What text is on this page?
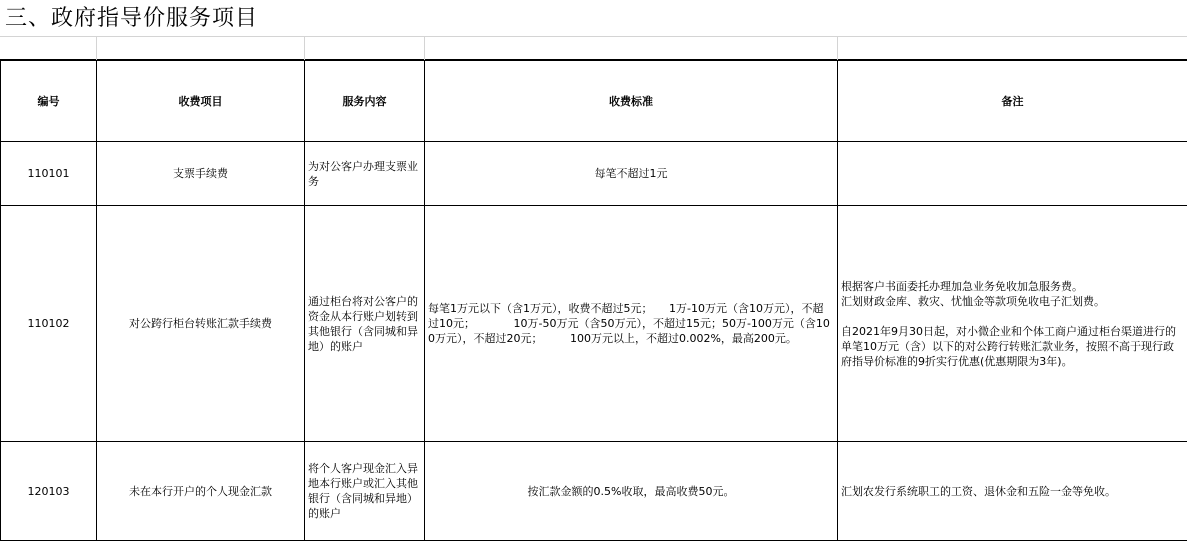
三、政府指导价服务项目
编号	收费项目	服务内容	收费标准	备注
110101	支票手续费	为对公客户办理支票业务	每笔不超过1元	
110102	对公跨行柜台转账汇款手续费	通过柜台将对公客户的资金从本行账户划转到其他银行（含同城和异地）的账户	每笔1万元以下（含1万元），收费不超过5元；　　1万-10万元（含10万元），不超过10元；　　　　10万-50万元（含50万元），不超过15元；50万-100万元（含100万元），不超过20元；　　　100万元以上，不超过0.002%，最高200元。	根据客户书面委托办理加急业务免收加急服务费。
汇划财政金库、救灾、忧恤金等款项免收电子汇划费。

自2021年9月30日起，对小微企业和个体工商户通过柜台渠道进行的单笔10万元（含）以下的对公跨行转账汇款业务，按照不高于现行政府指导价标准的9折实行优惠(优惠期限为3年)。

120103	未在本行开户的个人现金汇款	将个人客户现金汇入异地本行账户或汇入其他银行（含同城和异地）的账户	按汇款金额的0.5%收取，最高收费50元。	汇划农发行系统职工的工资、退休金和五险一金等免收。
